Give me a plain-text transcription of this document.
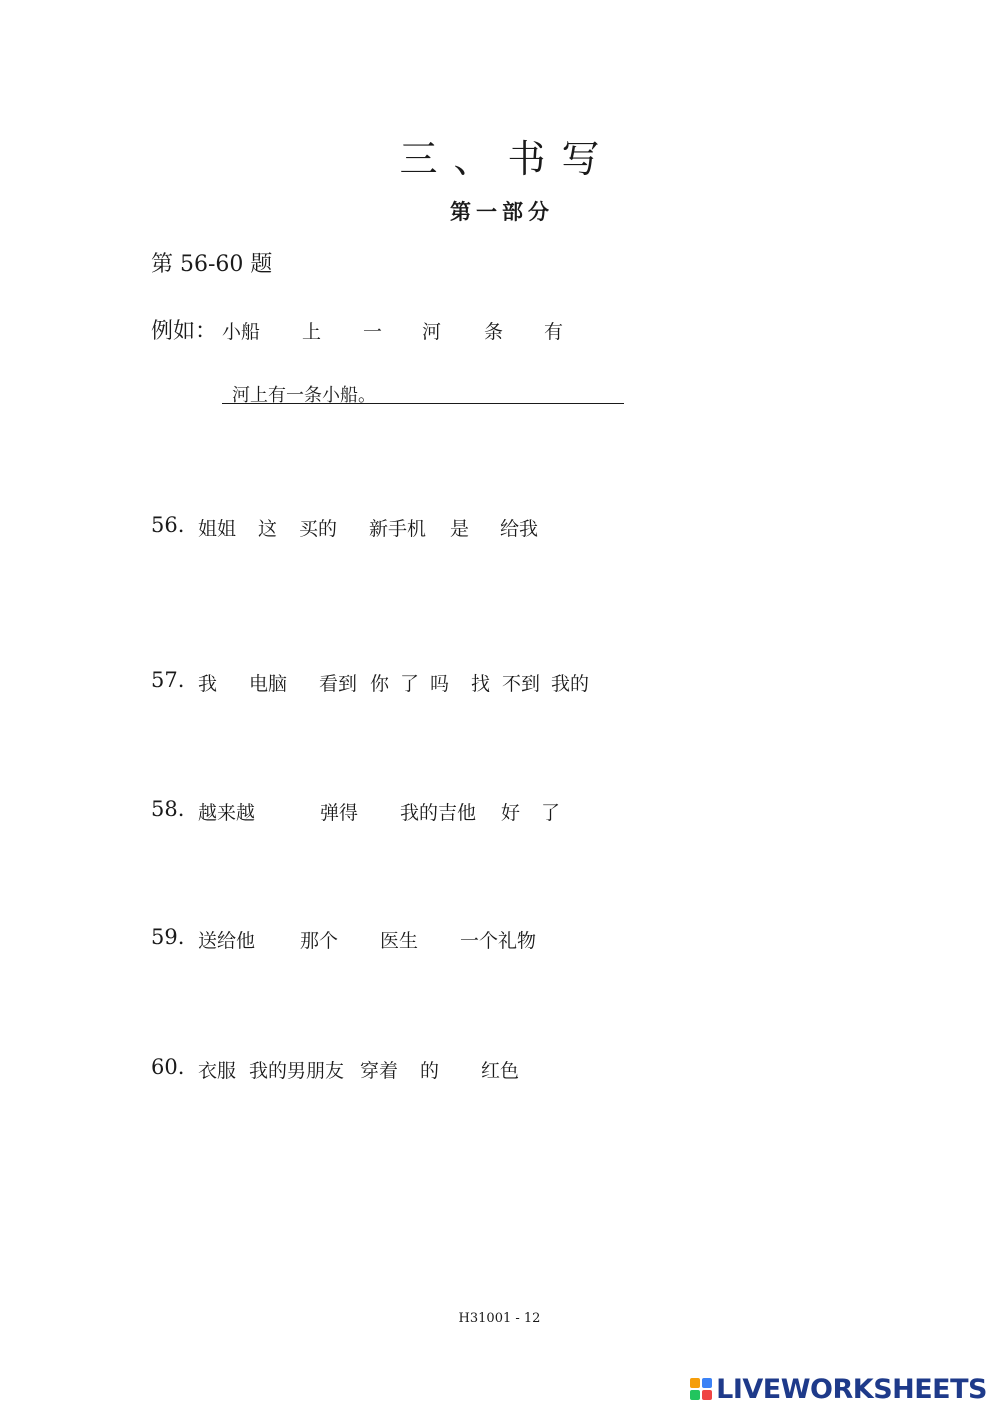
三、书写
第一部分
第 56-60 题
例如： 小船 上 一 河 条 有
河上有一条小船。
56. 姐姐 这 买的 新手机 是 给我
57. 我 电脑 看到 你 了 吗 找 不到 我的
58. 越来越	弹得 我的吉他 好 了
59. 送给他 那个 医生 一个礼物
60. 衣服 我的男朋友 穿着 的 红色
H31001 - 12
LIVEWORKSHEETS
